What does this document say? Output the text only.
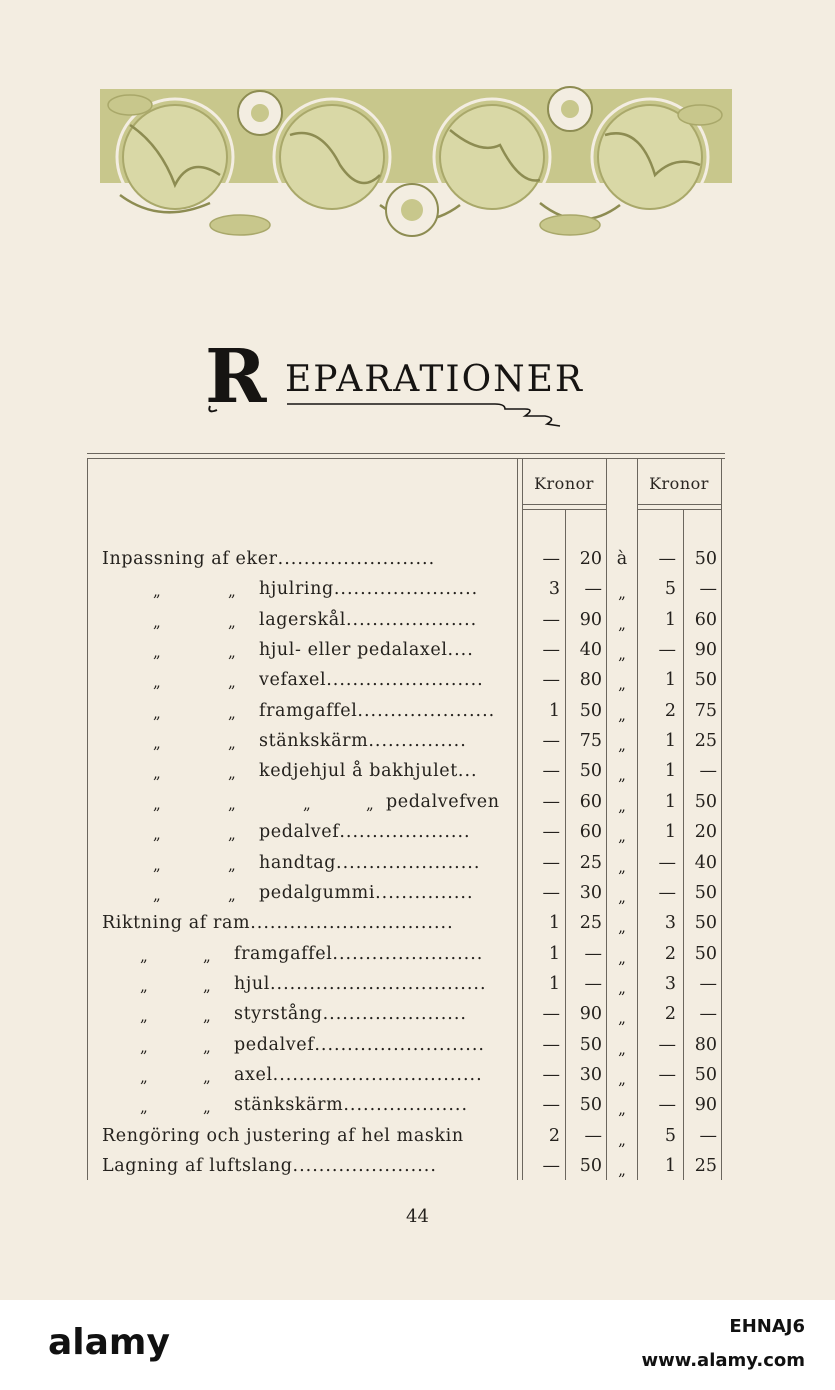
R EPARATIONER
Kronor	Kronor
Inpassning af eker........................	—	20 à	—	50
„	„ hjulring......................	3	—	„	5	—
„	„ lagerskål....................	—	90	„	1	60
„	„ hjul- eller pedalaxel....	—	40	„	—	90
„	„ vefaxel........................	—	80	„	1	50
„	„ framgaffel.....................	1	50	„	2	75
„	„ stänkskärm...............	—	75	„	1	25
„	„ kedjehjul å bakhjulet...	—	50	„	1	—
„	„	„	„ pedalvefven	—	60	„	1	50
„	„ pedalvef....................	—	60	„	1	20
„	„ handtag......................	—	25	„	—	40
„	„ pedalgummi...............	—	30	„	—	50
Riktning af ram...............................	1	25	„	3	50
„	„ framgaffel.......................	1	—	„	2	50
„	„ hjul.................................	1	—	„	3	—
„	„ styrstång......................	—	90	„	2	—
„	„ pedalvef..........................	—	50	„	—	80
„	„ axel................................	—	30	„	—	50
„	„ stänkskärm...................	—	50	„	—	90
Rengöring och justering af hel maskin	2	—	„	5	—
Lagning af luftslang......................	—	50	„	1	25
44
alamy	EHNAJ6
www.alamy.com
